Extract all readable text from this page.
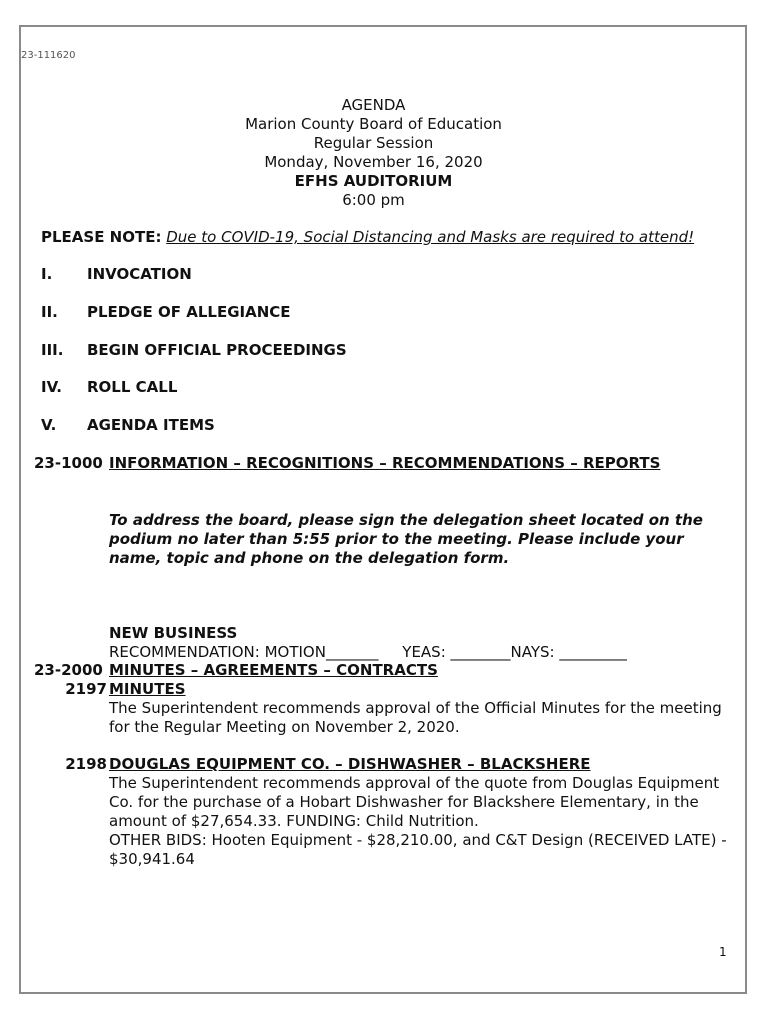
23-111620
AGENDA
Marion County Board of Education
Regular Session
Monday, November 16, 2020
EFHS AUDITORIUM
6:00 pm
PLEASE NOTE: Due to COVID-19, Social Distancing and Masks are required to attend!
I. INVOCATION
II. PLEDGE OF ALLEGIANCE
III. BEGIN OFFICIAL PROCEEDINGS
IV. ROLL CALL
V. AGENDA ITEMS
23-1000 INFORMATION – RECOGNITIONS – RECOMMENDATIONS – REPORTS
To address the board, please sign the delegation sheet located on the podium no later than 5:55 prior to the meeting. Please include your name, topic and phone on the delegation form.
NEW BUSINESS
RECOMMENDATION: MOTION_______     YEAS: ________NAYS: _________
23-2000 MINUTES – AGREEMENTS – CONTRACTS
2197 MINUTES
The Superintendent recommends approval of the Official Minutes for the meeting for the Regular Meeting on November 2, 2020.
2198 DOUGLAS EQUIPMENT CO. – DISHWASHER – BLACKSHERE
The Superintendent recommends approval of the quote from Douglas Equipment Co. for the purchase of a Hobart Dishwasher for Blackshere Elementary, in the amount of $27,654.33. FUNDING: Child Nutrition.
OTHER BIDS: Hooten Equipment - $28,210.00, and C&T Design (RECEIVED LATE) - $30,941.64
1
